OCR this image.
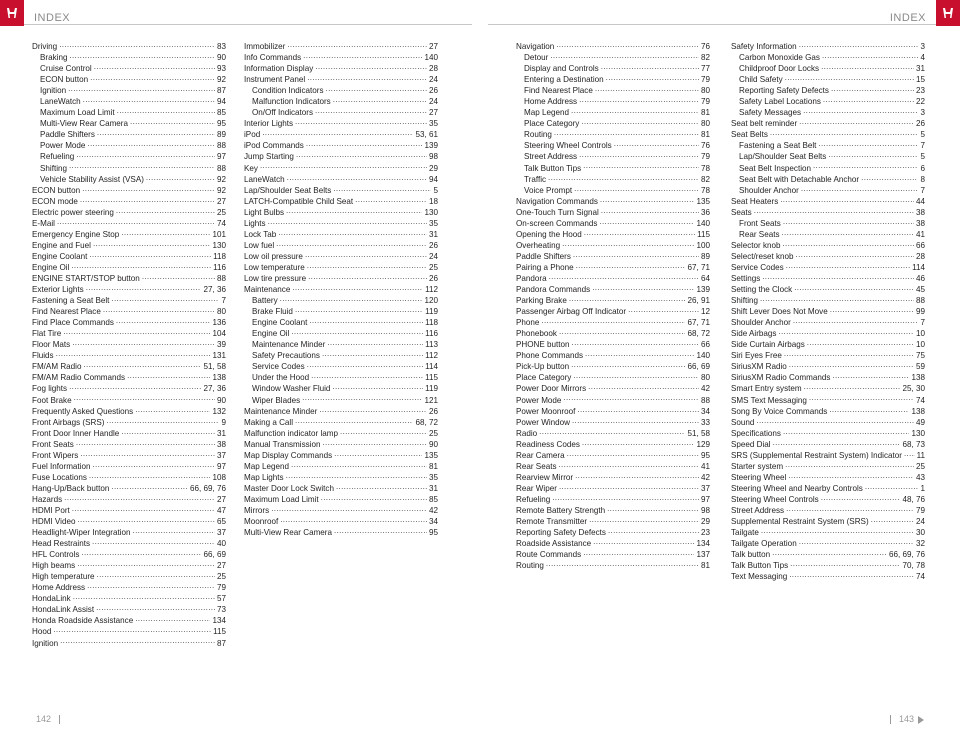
INDEX
Driving .....	83
Braking .....	90
Cruise Control .....	93
ECON button .....	92
Ignition .....	87
LaneWatch .....	94
Maximum Load Limit .....	85
Multi-View Rear Camera .....	95
Paddle Shifters .....	89
Power Mode .....	88
Refueling .....	97
Shifting .....	88
Vehicle Stability Assist (VSA) .....	92
ECON button .....	92
ECON mode .....	27
Electric power steering .....	25
E-Mail .....	74
Emergency Engine Stop .....	101
Engine and Fuel .....	130
Engine Coolant .....	118
Engine Oil .....	116
ENGINE START/STOP button .....	88
Exterior Lights .....	27, 36
Fastening a Seat Belt .....	7
Find Nearest Place .....	80
Find Place Commands .....	136
Flat Tire .....	104
Floor Mats .....	39
Fluids .....	131
FM/AM Radio .....	51, 58
FM/AM Radio Commands .....	138
Fog lights .....	27, 36
Foot Brake .....	90
Frequently Asked Questions .....	132
Front Airbags (SRS) .....	9
Front Door Inner Handle .....	31
Front Seats .....	38
Front Wipers .....	37
Fuel Information .....	97
Fuse Locations .....	108
Hang-Up/Back button .....	66, 69, 76
Hazards .....	27
HDMI Port .....	47
HDMI Video .....	65
Headlight-Wiper Integration .....	37
Head Restraints .....	40
HFL Controls .....	66, 69
High beams .....	27
High temperature .....	25
Home Address .....	79
HondaLink .....	57
HondaLink Assist .....	73
Honda Roadside Assistance .....	134
Hood .....	115
Ignition .....	87
Immobilizer .....	27
Info Commands .....	140
Information Display .....	28
Instrument Panel .....	24
Condition Indicators .....	26
Malfunction Indicators .....	24
On/Off Indicators .....	27
Interior Lights .....	35
iPod .....	53, 61
iPod Commands .....	139
Jump Starting .....	98
Key .....	29
LaneWatch .....	94
Lap/Shoulder Seat Belts .....	5
LATCH-Compatible Child Seat .....	18
Light Bulbs .....	130
Lights .....	35
Lock Tab .....	31
Low fuel .....	26
Low oil pressure .....	24
Low temperature .....	25
Low tire pressure .....	26
Maintenance .....	112
Battery .....	120
Brake Fluid .....	119
Engine Coolant .....	118
Engine Oil .....	116
Maintenance Minder .....	113
Safety Precautions .....	112
Service Codes .....	114
Under the Hood .....	115
Window Washer Fluid .....	119
Wiper Blades .....	121
Maintenance Minder .....	26
Making a Call .....	68, 72
Malfunction indicator lamp .....	25
Manual Transmission .....	90
Map Display Commands .....	135
Map Legend .....	81
Map Lights .....	35
Master Door Lock Switch .....	31
Maximum Load Limit .....	85
Mirrors .....	42
Moonroof .....	34
Multi-View Rear Camera .....	95
142
INDEX
Navigation .....	76
Detour .....	82
Display and Controls .....	77
Entering a Destination .....	79
Find Nearest Place .....	80
Home Address .....	79
Map Legend .....	81
Place Category .....	80
Routing .....	81
Steering Wheel Controls .....	76
Street Address .....	79
Talk Button Tips .....	78
Traffic .....	82
Voice Prompt .....	78
Navigation Commands .....	135
One-Touch Turn Signal .....	36
On-screen Commands .....	140
Opening the Hood .....	115
Overheating .....	100
Paddle Shifters .....	89
Pairing a Phone .....	67, 71
Pandora .....	64
Pandora Commands .....	139
Parking Brake .....	26, 91
Passenger Airbag Off Indicator .....	12
Phone .....	67, 71
Phonebook .....	68, 72
PHONE button .....	66
Phone Commands .....	140
Pick-Up button .....	66, 69
Place Category .....	80
Power Door Mirrors .....	42
Power Mode .....	88
Power Moonroof .....	34
Power Window .....	33
Radio .....	51, 58
Readiness Codes .....	129
Rear Camera .....	95
Rear Seats .....	41
Rearview Mirror .....	42
Rear Wiper .....	37
Refueling .....	97
Remote Battery Strength .....	98
Remote Transmitter .....	29
Reporting Safety Defects .....	23
Roadside Assistance .....	134
Route Commands .....	137
Routing .....	81
Safety Information .....	3
Carbon Monoxide Gas .....	4
Childproof Door Locks .....	31
Child Safety .....	15
Reporting Safety Defects .....	23
Safety Label Locations .....	22
Safety Messages .....	3
Seat belt reminder .....	26
Seat Belts .....	5
Fastening a Seat Belt .....	7
Lap/Shoulder Seat Belts .....	5
Seat Belt Inspection .....	6
Seat Belt with Detachable Anchor .....	8
Shoulder Anchor .....	7
Seat Heaters .....	44
Seats .....	38
Front Seats .....	38
Rear Seats .....	41
Selector knob .....	66
Select/reset knob .....	28
Service Codes .....	114
Settings .....	46
Setting the Clock .....	45
Shifting .....	88
Shift Lever Does Not Move .....	99
Shoulder Anchor .....	7
Side Airbags .....	10
Side Curtain Airbags .....	10
Siri Eyes Free .....	75
SiriusXM Radio .....	59
SiriusXM Radio Commands .....	138
Smart Entry system .....	25, 30
SMS Text Messaging .....	74
Song By Voice Commands .....	138
Sound .....	49
Specifications .....	130
Speed Dial .....	68, 73
SRS (Supplemental Restraint System) Indicator ..... 11
Starter system .....	25
Steering Wheel .....	43
Steering Wheel and Nearby Controls .....	1
Steering Wheel Controls .....	48, 76
Street Address .....	79
Supplemental Restraint System (SRS) .....	24
Tailgate .....	30
Tailgate Operation .....	32
Talk button .....	66, 69, 76
Talk Button Tips .....	70, 78
Text Messaging .....	74
143
